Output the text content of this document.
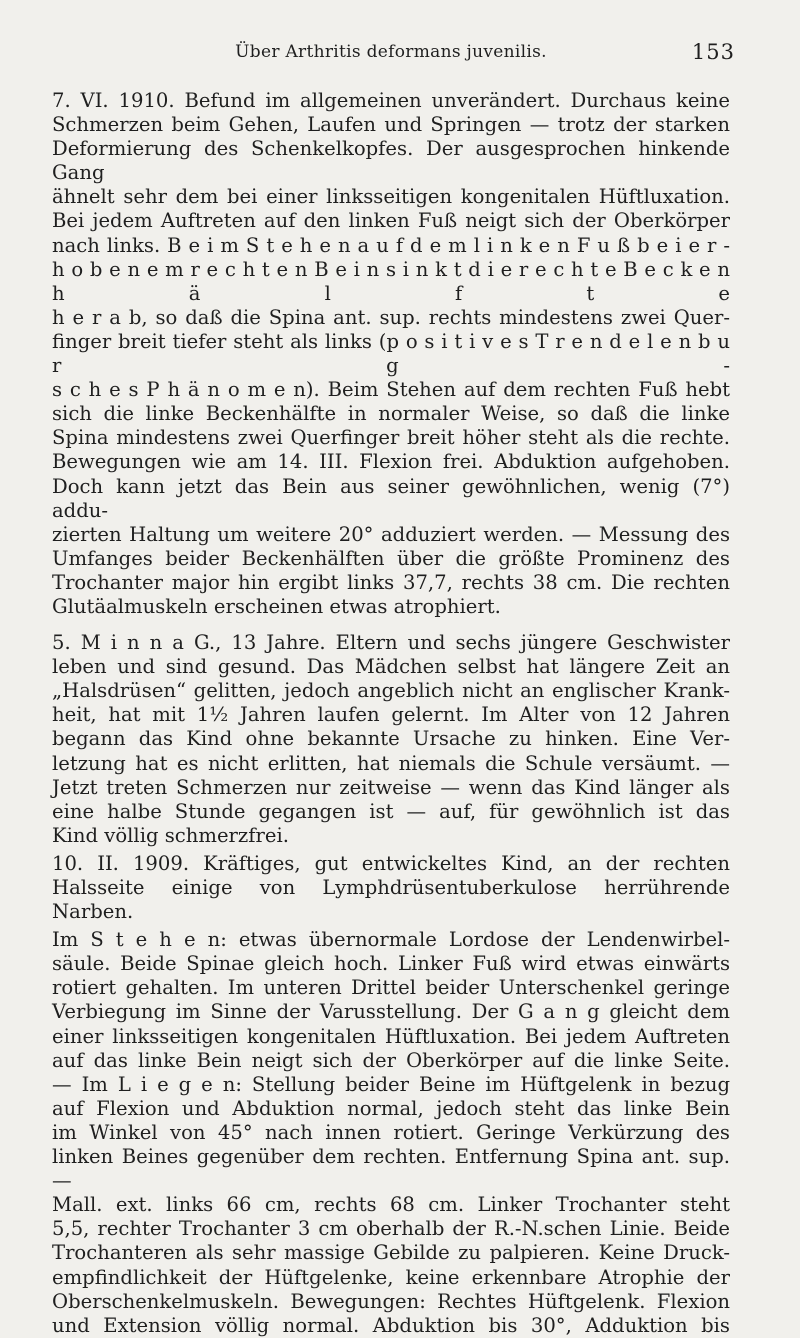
Über Arthritis deformans juvenilis.	153

7. VI. 1910. Befund im allgemeinen unverändert. Durchaus keine

Schmerzen beim Gehen, Laufen und Springen — trotz der starken

Deformierung des Schenkelkopfes. Der ausgesprochen hinkende Gang

ähnelt sehr dem bei einer linksseitigen kongenitalen Hüftluxation.

Bei jedem Auftreten auf den linken Fuß neigt sich der Oberkörper

nach links. B e i m S t e h e n a u f d e m l i n k e n F u ß b e i e r -

h o b e n e m r e c h t e n B e i n s i n k t d i e r e c h t e B e c k e n h ä l f t e

h e r a b, so daß die Spina ant. sup. rechts mindestens zwei Quer-

finger breit tiefer steht als links (p o s i t i v e s T r e n d e l e n b u r g -

s c h e s P h ä n o m e n). Beim Stehen auf dem rechten Fuß hebt

sich die linke Beckenhälfte in normaler Weise, so daß die linke

Spina mindestens zwei Querfinger breit höher steht als die rechte.

Bewegungen wie am 14. III. Flexion frei. Abduktion aufgehoben.

Doch kann jetzt das Bein aus seiner gewöhnlichen, wenig (7°) addu-

zierten Haltung um weitere 20° adduziert werden. — Messung des

Umfanges beider Beckenhälften über die größte Prominenz des

Trochanter major hin ergibt links 37,7, rechts 38 cm. Die rechten

Glutäalmuskeln erscheinen etwas atrophiert.

5. M i n n a G., 13 Jahre. Eltern und sechs jüngere Geschwister

leben und sind gesund. Das Mädchen selbst hat längere Zeit an

„Halsdrüsen“ gelitten, jedoch angeblich nicht an englischer Krank-

heit, hat mit 1½ Jahren laufen gelernt. Im Alter von 12 Jahren

begann das Kind ohne bekannte Ursache zu hinken. Eine Ver-

letzung hat es nicht erlitten, hat niemals die Schule versäumt. —

Jetzt treten Schmerzen nur zeitweise — wenn das Kind länger als

eine halbe Stunde gegangen ist — auf, für gewöhnlich ist das

Kind völlig schmerzfrei.

10. II. 1909. Kräftiges, gut entwickeltes Kind, an der rechten

Halsseite einige von Lymphdrüsentuberkulose herrührende Narben.

Im S t e h e n: etwas übernormale Lordose der Lendenwirbel-

säule. Beide Spinae gleich hoch. Linker Fuß wird etwas einwärts

rotiert gehalten. Im unteren Drittel beider Unterschenkel geringe

Verbiegung im Sinne der Varusstellung. Der G a n g gleicht dem

einer linksseitigen kongenitalen Hüftluxation. Bei jedem Auftreten

auf das linke Bein neigt sich der Oberkörper auf die linke Seite.

— Im L i e g e n: Stellung beider Beine im Hüftgelenk in bezug

auf Flexion und Abduktion normal, jedoch steht das linke Bein

im Winkel von 45° nach innen rotiert. Geringe Verkürzung des

linken Beines gegenüber dem rechten. Entfernung Spina ant. sup. —

Mall. ext. links 66 cm, rechts 68 cm. Linker Trochanter steht

5,5, rechter Trochanter 3 cm oberhalb der R.-N.schen Linie. Beide

Trochanteren als sehr massige Gebilde zu palpieren. Keine Druck-

empfindlichkeit der Hüftgelenke, keine erkennbare Atrophie der

Oberschenkelmuskeln. Bewegungen: Rechtes Hüftgelenk. Flexion

und Extension völlig normal. Abduktion bis 30°, Adduktion bis
